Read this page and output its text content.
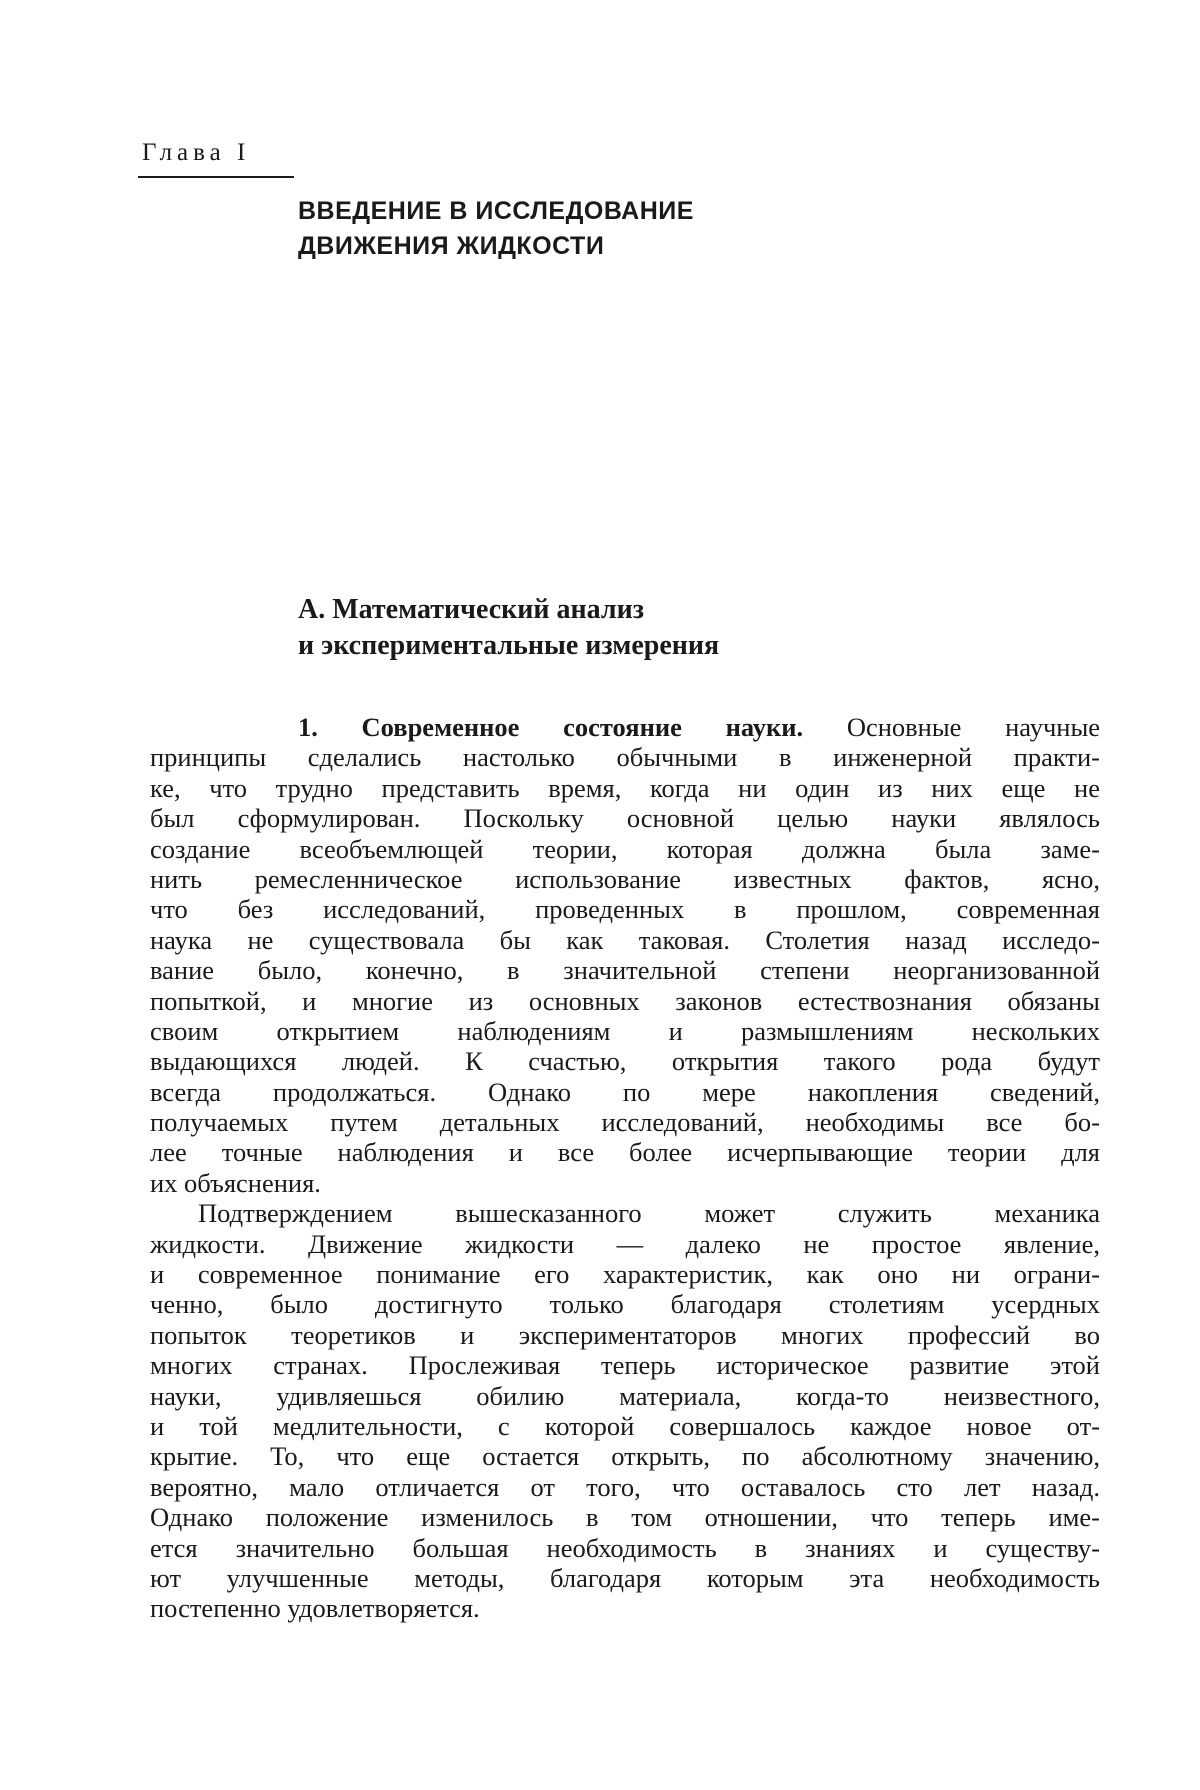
Глава I
ВВЕДЕНИЕ В ИССЛЕДОВАНИЕ
ДВИЖЕНИЯ ЖИДКОСТИ
А. Математический анализ
и экспериментальные измерения
1. Современное состояние науки. Основные научные
принципы сделались настолько обычными в инженерной практи-
ке, что трудно представить время, когда ни один из них еще не
был сформулирован. Поскольку основной целью науки являлось
создание всеобъемлющей теории, которая должна была заме-
нить ремесленническое использование известных фактов, ясно,
что без исследований, проведенных в прошлом, современная
наука не существовала бы как таковая. Столетия назад исследо-
вание было, конечно, в значительной степени неорганизованной
попыткой, и многие из основных законов естествознания обязаны
своим открытием наблюдениям и размышлениям нескольких
выдающихся людей. К счастью, открытия такого рода будут
всегда продолжаться. Однако по мере накопления сведений,
получаемых путем детальных исследований, необходимы все бо-
лее точные наблюдения и все более исчерпывающие теории для
их объяснения.
Подтверждением вышесказанного может служить механика
жидкости. Движение жидкости — далеко не простое явление,
и современное понимание его характеристик, как оно ни ограни-
ченно, было достигнуто только благодаря столетиям усердных
попыток теоретиков и экспериментаторов многих профессий во
многих странах. Прослеживая теперь историческое развитие этой
науки, удивляешься обилию материала, когда-то неизвестного,
и той медлительности, с которой совершалось каждое новое от-
крытие. То, что еще остается открыть, по абсолютному значению,
вероятно, мало отличается от того, что оставалось сто лет назад.
Однако положение изменилось в том отношении, что теперь име-
ется значительно большая необходимость в знаниях и существу-
ют улучшенные методы, благодаря которым эта необходимость
постепенно удовлетворяется.
